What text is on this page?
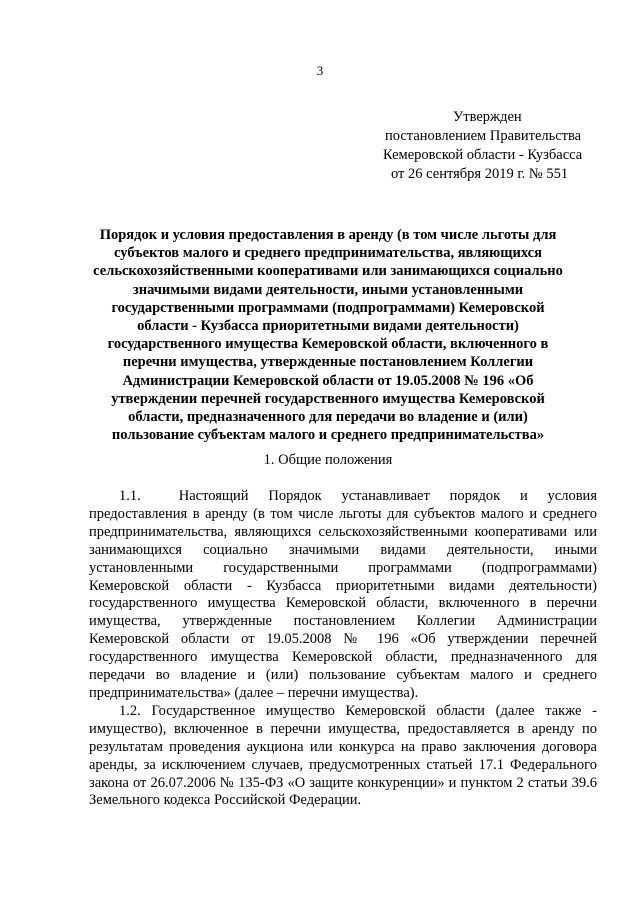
3
Утвержден
постановлением Правительства
Кемеровской области - Кузбасса
от 26 сентября 2019 г. № 551
Порядок и условия предоставления в аренду (в том числе льготы для
субъектов малого и среднего предпринимательства, являющихся
сельскохозяйственными кооперативами или занимающихся социально
значимыми видами деятельности, иными установленными
государственными программами (подпрограммами) Кемеровской
области - Кузбасса приоритетными видами деятельности)
государственного имущества Кемеровской области, включенного в
перечни имущества, утвержденные постановлением Коллегии
Администрации Кемеровской области от 19.05.2008 № 196 «Об
утверждении перечней государственного имущества Кемеровской
области, предназначенного для передачи во владение и (или)
пользование субъектам малого и среднего предпринимательства»
1. Общие положения

1.1.	Настоящий Порядок устанавливает порядок и условия предоставления в аренду (в том числе льготы для субъектов малого и среднего предпринимательства, являющихся сельскохозяйственными кооперативами или занимающихся социально значимыми видами деятельности, иными установленными государственными программами (подпрограммами) Кемеровской области - Кузбасса приоритетными видами деятельности) государственного имущества Кемеровской области, включенного в перечни имущества, утвержденные постановлением Коллегии Администрации Кемеровской области от 19.05.2008 № 196 «Об утверждении перечней государственного имущества Кемеровской области, предназначенного для передачи во владение и (или) пользование субъектам малого и среднего предпринимательства» (далее – перечни имущества).

1.2. Государственное имущество Кемеровской области (далее также - имущество), включенное в перечни имущества, предоставляется в аренду по результатам проведения аукциона или конкурса на право заключения договора аренды, за исключением случаев, предусмотренных статьей 17.1 Федерального закона от 26.07.2006 № 135-ФЗ «О защите конкуренции» и пунктом 2 статьи 39.6 Земельного кодекса Российской Федерации.
